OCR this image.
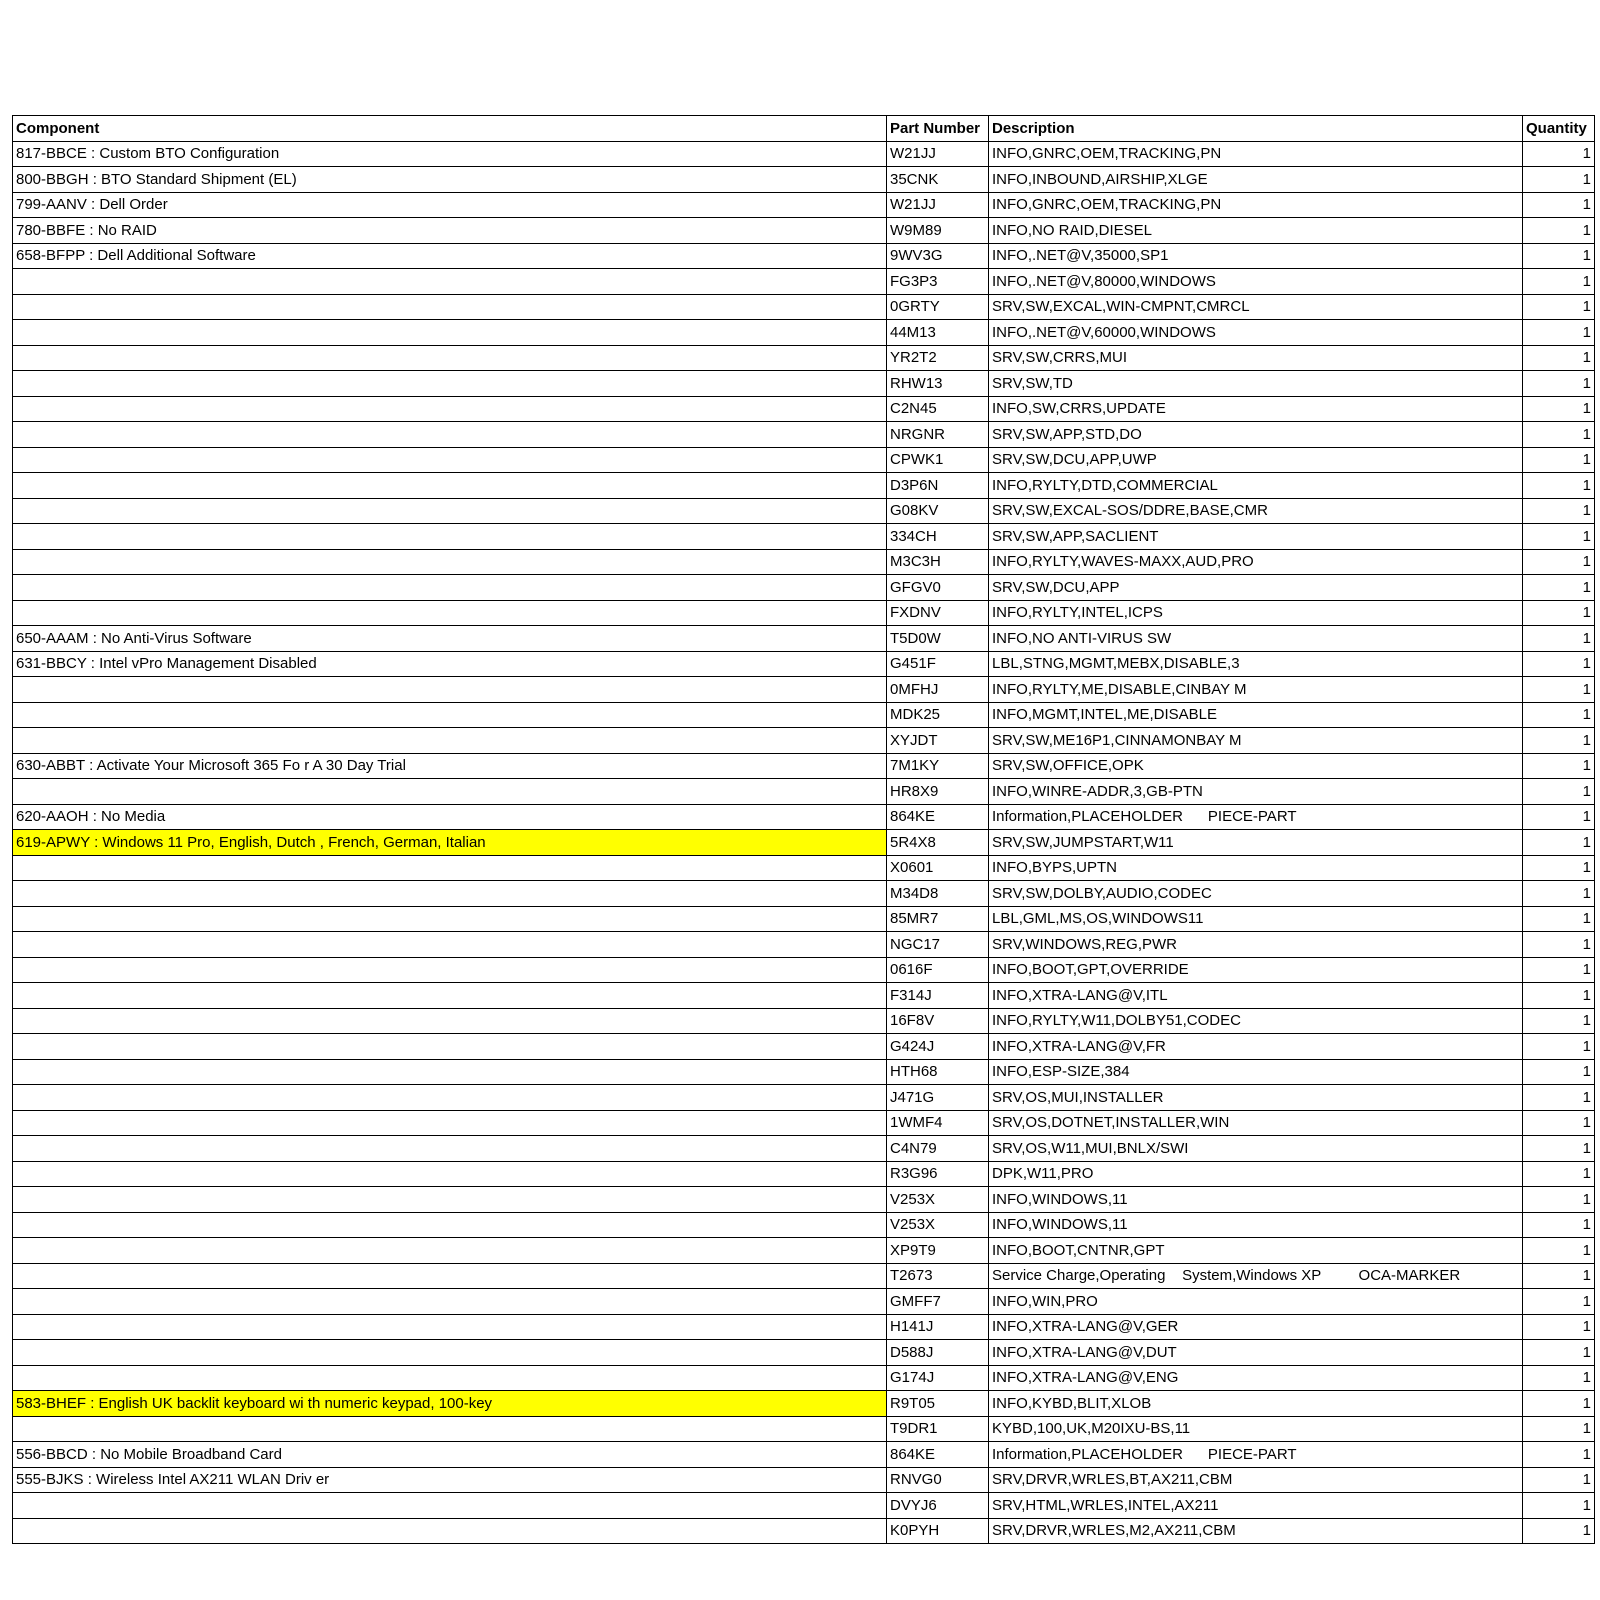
Component	Part Number	Description	Quantity
817-BBCE : Custom BTO Configuration	W21JJ	INFO,GNRC,OEM,TRACKING,PN	1
800-BBGH : BTO Standard Shipment (EL)	35CNK	INFO,INBOUND,AIRSHIP,XLGE	1
799-AANV : Dell Order	W21JJ	INFO,GNRC,OEM,TRACKING,PN	1
780-BBFE : No RAID	W9M89	INFO,NO RAID,DIESEL	1
658-BFPP : Dell Additional Software	9WV3G	INFO,.NET@V,35000,SP1	1
	FG3P3	INFO,.NET@V,80000,WINDOWS	1
	0GRTY	SRV,SW,EXCAL,WIN-CMPNT,CMRCL	1
	44M13	INFO,.NET@V,60000,WINDOWS	1
	YR2T2	SRV,SW,CRRS,MUI	1
	RHW13	SRV,SW,TD	1
	C2N45	INFO,SW,CRRS,UPDATE	1
	NRGNR	SRV,SW,APP,STD,DO	1
	CPWK1	SRV,SW,DCU,APP,UWP	1
	D3P6N	INFO,RYLTY,DTD,COMMERCIAL	1
	G08KV	SRV,SW,EXCAL-SOS/DDRE,BASE,CMR	1
	334CH	SRV,SW,APP,SACLIENT	1
	M3C3H	INFO,RYLTY,WAVES-MAXX,AUD,PRO	1
	GFGV0	SRV,SW,DCU,APP	1
	FXDNV	INFO,RYLTY,INTEL,ICPS	1
650-AAAM : No Anti-Virus Software	T5D0W	INFO,NO ANTI-VIRUS SW	1
631-BBCY : Intel vPro Management Disabled	G451F	LBL,STNG,MGMT,MEBX,DISABLE,3	1
	0MFHJ	INFO,RYLTY,ME,DISABLE,CINBAY M	1
	MDK25	INFO,MGMT,INTEL,ME,DISABLE	1
	XYJDT	SRV,SW,ME16P1,CINNAMONBAY M	1
630-ABBT : Activate Your Microsoft 365 Fo r A 30 Day Trial	7M1KY	SRV,SW,OFFICE,OPK	1
	HR8X9	INFO,WINRE-ADDR,3,GB-PTN	1
620-AAOH : No Media	864KE	Information,PLACEHOLDER      PIECE-PART	1
619-APWY : Windows 11 Pro, English, Dutch , French, German, Italian	5R4X8	SRV,SW,JUMPSTART,W11	1
	X0601	INFO,BYPS,UPTN	1
	M34D8	SRV,SW,DOLBY,AUDIO,CODEC	1
	85MR7	LBL,GML,MS,OS,WINDOWS11	1
	NGC17	SRV,WINDOWS,REG,PWR	1
	0616F	INFO,BOOT,GPT,OVERRIDE	1
	F314J	INFO,XTRA-LANG@V,ITL	1
	16F8V	INFO,RYLTY,W11,DOLBY51,CODEC	1
	G424J	INFO,XTRA-LANG@V,FR	1
	HTH68	INFO,ESP-SIZE,384	1
	J471G	SRV,OS,MUI,INSTALLER	1
	1WMF4	SRV,OS,DOTNET,INSTALLER,WIN	1
	C4N79	SRV,OS,W11,MUI,BNLX/SWI	1
	R3G96	DPK,W11,PRO	1
	V253X	INFO,WINDOWS,11	1
	V253X	INFO,WINDOWS,11	1
	XP9T9	INFO,BOOT,CNTNR,GPT	1
	T2673	Service Charge,Operating    System,Windows XP         OCA-MARKER	1
	GMFF7	INFO,WIN,PRO	1
	H141J	INFO,XTRA-LANG@V,GER	1
	D588J	INFO,XTRA-LANG@V,DUT	1
	G174J	INFO,XTRA-LANG@V,ENG	1
583-BHEF : English UK backlit keyboard wi th numeric keypad, 100-key	R9T05	INFO,KYBD,BLIT,XLOB	1
	T9DR1	KYBD,100,UK,M20IXU-BS,11	1
556-BBCD : No Mobile Broadband Card	864KE	Information,PLACEHOLDER      PIECE-PART	1
555-BJKS : Wireless Intel AX211 WLAN Driv er	RNVG0	SRV,DRVR,WRLES,BT,AX211,CBM	1
	DVYJ6	SRV,HTML,WRLES,INTEL,AX211	1
	K0PYH	SRV,DRVR,WRLES,M2,AX211,CBM	1
